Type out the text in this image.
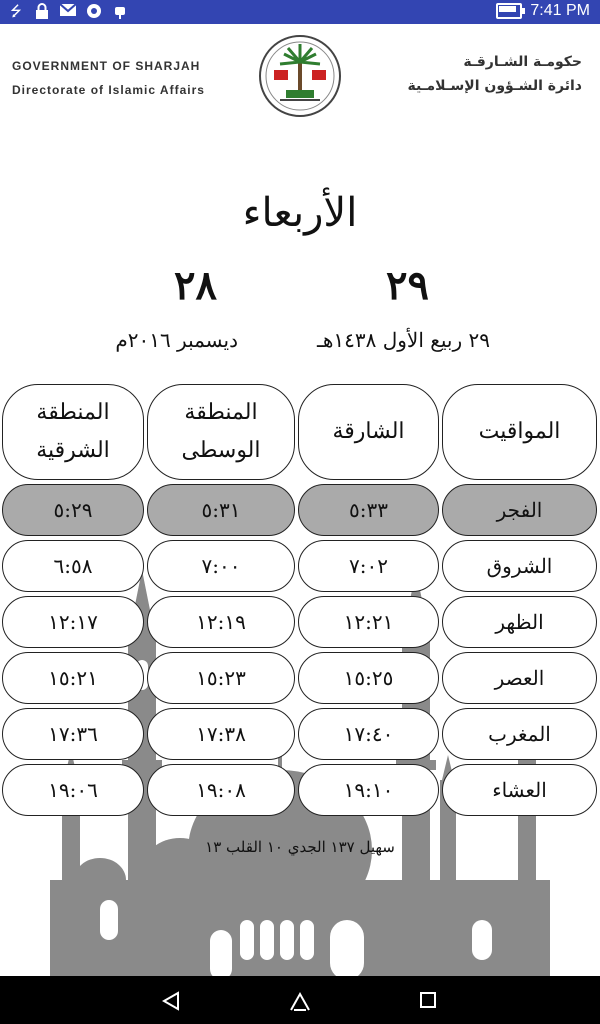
⭍	7:41 PM
GOVERNMENT OF SHARJAH
Directorate of Islamic Affairs
حكومـة الشـارقـة
دائرة الشـؤون الإسـلامـية
الأربعاء
٢٩
٢٨
٢٩ ربيع الأول ١٤٣٨هـ
ديسمبر ٢٠١٦م
المواقيت
الشارقة
المنطقة الوسطى
المنطقة الشرقية
الفجر
٥:٣٣
٥:٣١
٥:٢٩
الشروق
٧:٠٢
٧:٠٠
٦:٥٨
الظهر
١٢:٢١
١٢:١٩
١٢:١٧
العصر
١٥:٢٥
١٥:٢٣
١٥:٢١
المغرب
١٧:٤٠
١٧:٣٨
١٧:٣٦
العشاء
١٩:١٠
١٩:٠٨
١٩:٠٦
سهيل ١٣٧ الجدي ١٠ القلب ١٣
